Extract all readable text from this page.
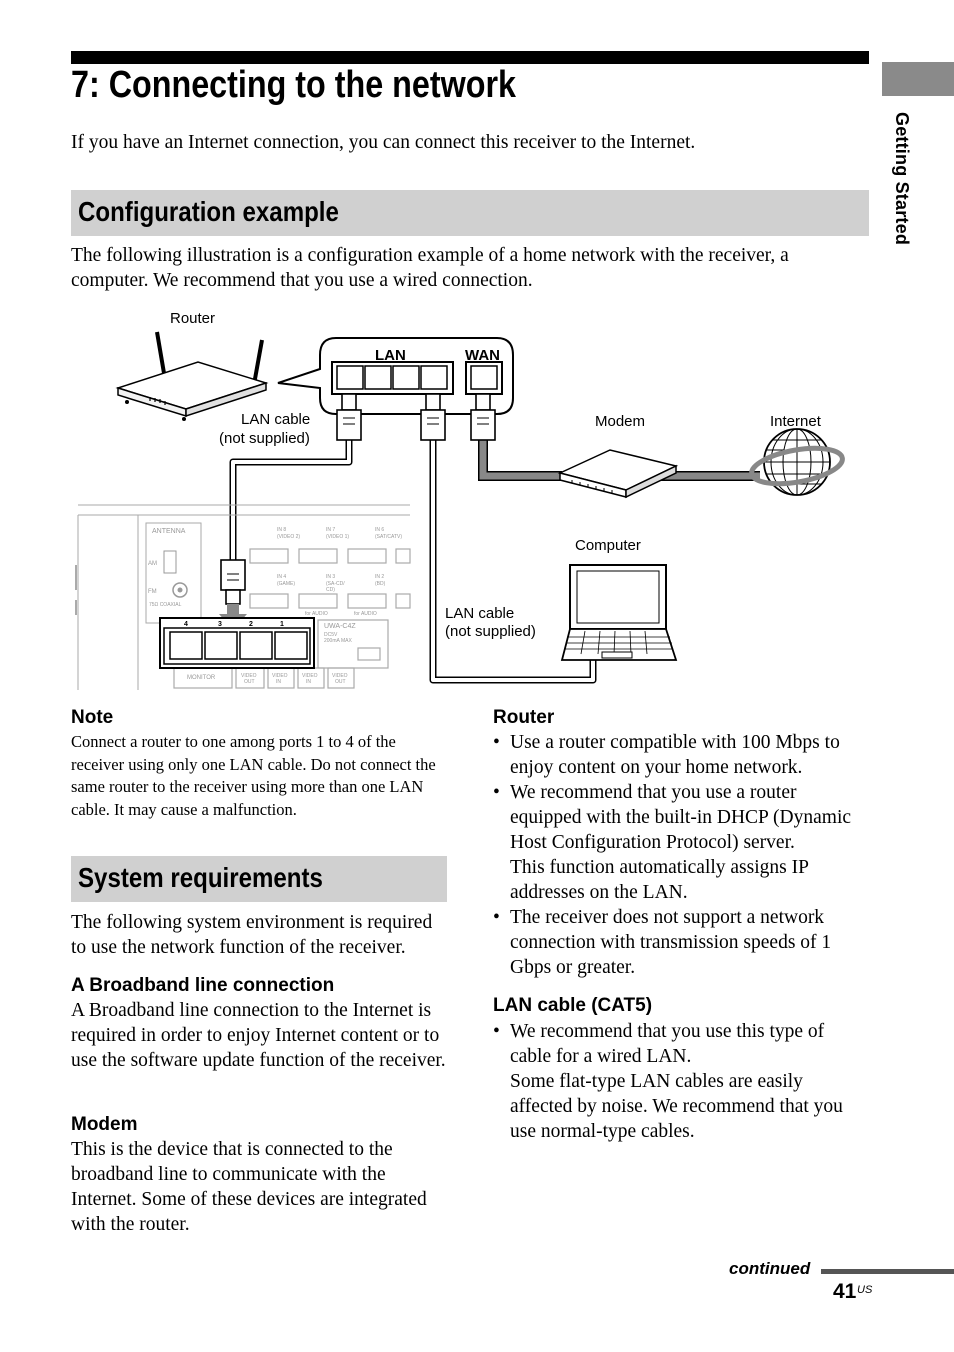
Getting Started
7: Connecting to the network

If you have an Internet connection, you can connect this receiver to the Internet.

Configuration example

The following illustration is a configuration example of a home network with the receiver, a computer. We recommend that you use a wired connection.

LAN	WAN
ANTENNA
AM
FM
75Ω COAXIAL
IN 8	IN 7	IN 6
(VIDEO 2)	(VIDEO 1)	(SAT/CATV)
IN 4	IN 3	IN 2
(GAME)	(SA-CD/	(BD)
CD)
for AUDIO	for AUDIO
UWA-C4Z
DC5V
200mA MAX
MONITOR	VIDEO
OUT
VIDEO
IN
VIDEO
IN
VIDEO
OUT
4	3	2	1
Router
LAN cable
(not supplied)
Modem	Internet
Computer
LAN cable
(not supplied)
Note

Connect a router to one among ports 1 to 4 of the receiver using only one LAN cable. Do not connect the same router to the receiver using more than one LAN cable. It may cause a malfunction.

System requirements

The following system environment is required to use the network function of the receiver.

A Broadband line connection

A Broadband line connection to the Internet is required in order to enjoy Internet content or to use the software update function of the receiver.

Modem

This is the device that is connected to the broadband line to communicate with the Internet. Some of these devices are integrated with the router.

Router
• Use a router compatible with 100 Mbps to enjoy content on your home network.
• We recommend that you use a router equipped with the built-in DHCP (Dynamic Host Configuration Protocol) server.
This function automatically assigns IP addresses on the LAN.
• The receiver does not support a network connection with transmission speeds of 1 Gbps or greater.
LAN cable (CAT5)
• We recommend that you use this type of cable for a wired LAN.
Some flat-type LAN cables are easily affected by noise. We recommend that you use normal-type cables.
continued
41 US
